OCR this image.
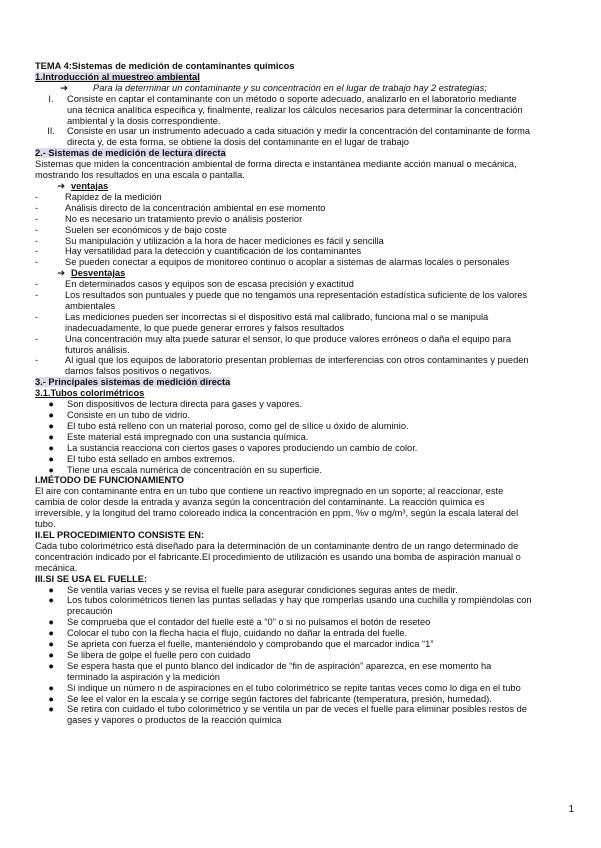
TEMA 4:Sistemas de medición de contaminantes químicos
1.Introducción al muestreo ambiental
➔	Para la determinar un contaminante y su concentración en el lugar de trabajo hay 2 estrategias;
I.	Consiste en captar el contaminante con un método o soporte adecuado, analizarlo en el laboratorio mediante
una técnica analítica especifica y, finalmente, realizar los cálculos necesarios para determinar la concentración
ambiental y la dosis correspondiente.
II.	Consiste en usar un instrumento adecuado a cada situación y medir la concentración del contaminante de forma
directa y, de esta forma, se obtiene la dosis del contaminante en el lugar de trabajo
2.- Sistemas de medición de lectura directa
Sistemas que miden la concentración ambiental de forma directa e instantánea mediante acción manual o mecánica,
mostrando los resultados en una escala o pantalla.
➔ ventajas
-	Rapidez de la medición
-	Análisis directo de la concentración ambiental en ese momento
-	No es necesario un tratamiento previo o análisis posterior
-	Suelen ser económicos y de bajo coste
-	Su manipulación y utilización a la hora de hacer mediciones es fácil y sencilla
-	Hay versatilidad para la detección y cuantificación de los contaminantes
-	Se pueden conectar a equipos de monitoreo continuo o acoplar a sistemas de alarmas locales o personales
➔ Desventajas
-	En determinados casos y equipos son de escasa precisión y exactitud
-	Los resultados son puntuales y puede que no tengamos una representación estadística suficiente de los valores
ambientales
-	Las mediciones pueden ser incorrectas si el dispositivo está mal calibrado, funciona mal o se manipula
inadecuadamente, lo que puede generar errores y falsos resultados
-	Una concentración muy alta puede saturar el sensor, lo que produce valores erróneos o daña el equipo para
futuros análisis.
-	Al igual que los equipos de laboratorio presentan problemas de interferencias con otros contaminantes y pueden
darnos falsos positivos o negativos.
3.- Principales sistemas de medición directa
3.1.Tubos colorimétricos
●	Son dispositivos de lectura directa para gases y vapores.
●	Consiste en un tubo de vidrio.
●	El tubo está relleno con un material poroso, como gel de sílice u óxido de aluminio.
●	Este material está impregnado con una sustancia química.
●	La sustancia reacciona con ciertos gases o vapores produciendo un cambio de color.
●	El tubo está sellado en ambos extremos.
●	Tiene una escala numérica de concentración en su superficie.
I.MÉTODO DE FUNCIONAMIENTO
El aire con contaminante entra en un tubo que contiene un reactivo impregnado en un soporte; al reaccionar, este
cambia de color desde la entrada y avanza según la concentración del contaminante. La reacción química es
irreversible, y la longitud del tramo coloreado indica la concentración en ppm, %v o mg/m³, según la escala lateral del
tubo.
II.EL PROCEDIMIENTO CONSISTE EN:
Cada tubo colorimétrico está diseñado para la determinación de un contaminante dentro de un rango determinado de
concentración indicado por el fabricante.El procedimiento de utilización es usando una bomba de aspiración manual o
mecánica.
III.SI SE USA EL FUELLE:
●	Se ventila varias veces y se revisa el fuelle para asegurar condiciones seguras antes de medir.
●	Los tubos colorimétricos tienen las puntas selladas y hay que romperlas usando una cuchilla y rompiéndolas con
precaución
●	Se comprueba que el contador del fuelle esté a “0” o si no pulsamos el botón de reseteo
●	Colocar el tubo con la flecha hacia el flujo, cuidando no dañar la entrada del fuelle.
●	Se aprieta con fuerza el fuelle, manteniéndolo y comprobando que el marcador indica “1”
●	Se libera de golpe el fuelle pero con cuidado
●	Se espera hasta que el punto blanco del indicador de “fin de aspiración” aparezca, en ese momento ha
terminado la aspiración y la medición
●	Si indique un número n de aspiraciones en el tubo colorimétrico se repite tantas veces como lo diga en el tubo
●	Se lee el valor en la escala y se corrige según factores del fabricante (temperatura, presión, humedad).
●	Se retira con cuidado el tubo colorimétrico y se ventila un par de veces el fuelle para eliminar posibles restos de
gases y vapores o productos de la reacción química
1
